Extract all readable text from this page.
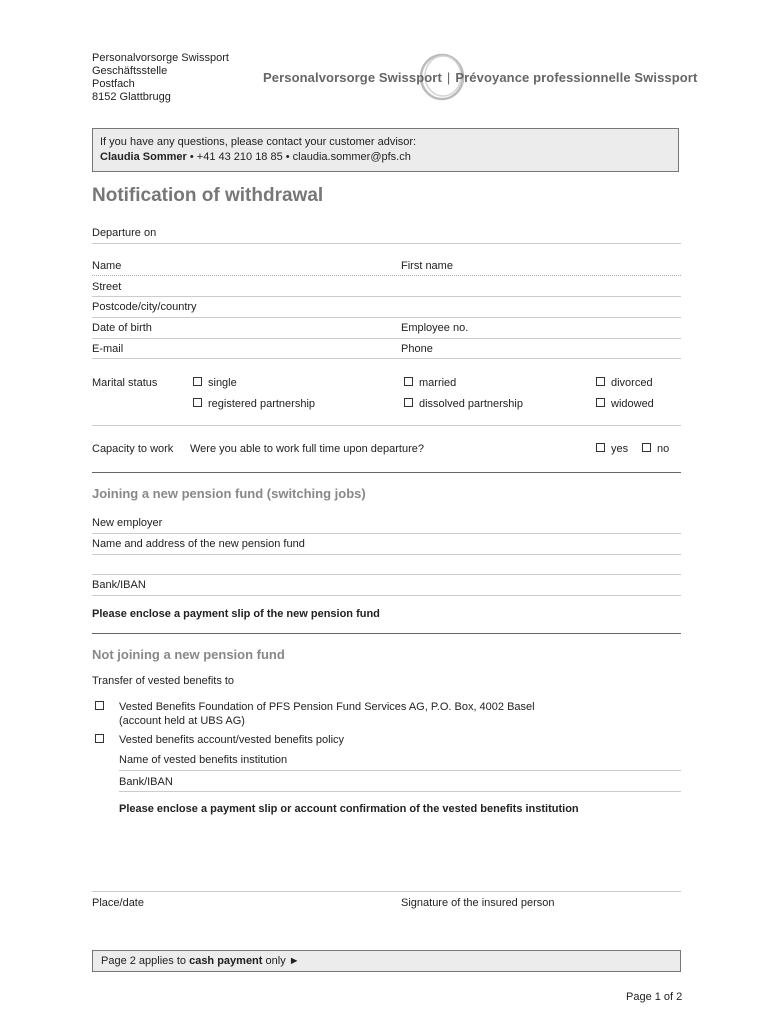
Personalvorsorge Swissport
Geschäftsstelle
Postfach
8152 Glattbrugg
Personalvorsorge Swissport | Prévoyance professionnelle Swissport
If you have any questions, please contact your customer advisor:
Claudia Sommer • +41 43 210 18 85 • claudia.sommer@pfs.ch
Notification of withdrawal
Departure on
Name	First name
Street
Postcode/city/country
Date of birth	Employee no.
E-mail	Phone
Marital status	single	married	divorced
registered partnership	dissolved partnership	widowed
Capacity to work Were you able to work full time upon departure?	yes	no
Joining a new pension fund (switching jobs)
New employer
Name and address of the new pension fund
Bank/IBAN
Please enclose a payment slip of the new pension fund
Not joining a new pension fund
Transfer of vested benefits to
Vested Benefits Foundation of PFS Pension Fund Services AG, P.O. Box, 4002 Basel
(account held at UBS AG)
Vested benefits account/vested benefits policy
Name of vested benefits institution
Bank/IBAN
Please enclose a payment slip or account confirmation of the vested benefits institution
Place/date	Signature of the insured person
Page 2 applies to cash payment only ►
Page 1 of 2
